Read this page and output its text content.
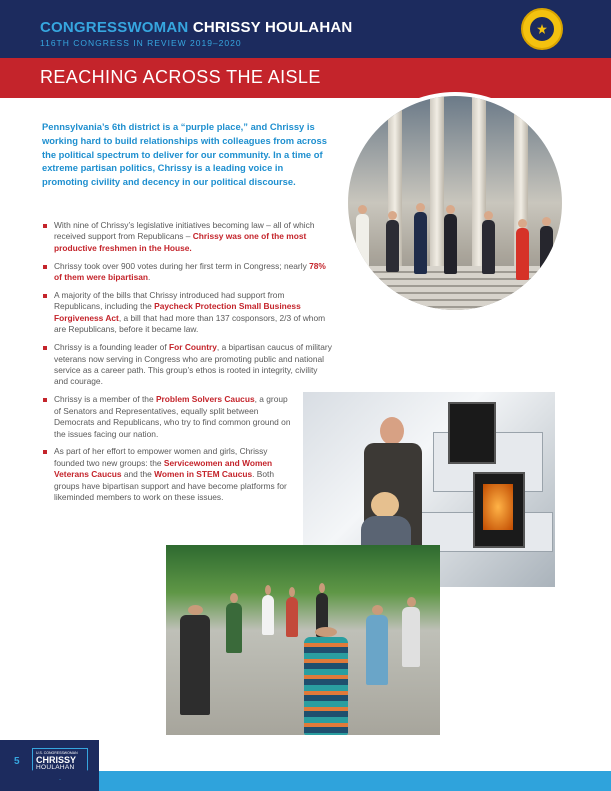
CONGRESSWOMAN CHRISSY HOULAHAN
116TH CONGRESS IN REVIEW 2019–2020
REACHING ACROSS THE AISLE
Pennsylvania’s 6th district is a “purple place,” and Chrissy is working hard to build relationships with colleagues from across the political spectrum to deliver for our community. In a time of extreme partisan politics, Chrissy is a leading voice in promoting civility and decency in our political discourse.
With nine of Chrissy’s legislative initiatives becoming law – all of which received support from Republicans – Chrissy was one of the most productive freshmen in the House.
Chrissy took over 900 votes during her first term in Congress; nearly 78% of them were bipartisan.
A majority of the bills that Chrissy introduced had support from Republicans, including the Paycheck Protection Small Business Forgiveness Act, a bill that had more than 137 cosponsors, 2/3 of whom are Republicans, before it became law.
Chrissy is a founding leader of For Country, a bipartisan caucus of military veterans now serving in Congress who are promoting public and national service as a career path. This group’s ethos is rooted in integrity, civility and courage.
Chrissy is a member of the Problem Solvers Caucus, a group of Senators and Representatives, equally split between Democrats and Republicans, who try to find common ground on the issues facing our nation.
As part of her effort to empower women and girls, Chrissy founded two new groups: the Servicewomen and Women Veterans Caucus and the Women in STEM Caucus. Both groups have bipartisan support and have become platforms for likeminded members to work on these issues.
5
U.S. CONGRESSWOMAN
CHRISSY
HOULAHAN
